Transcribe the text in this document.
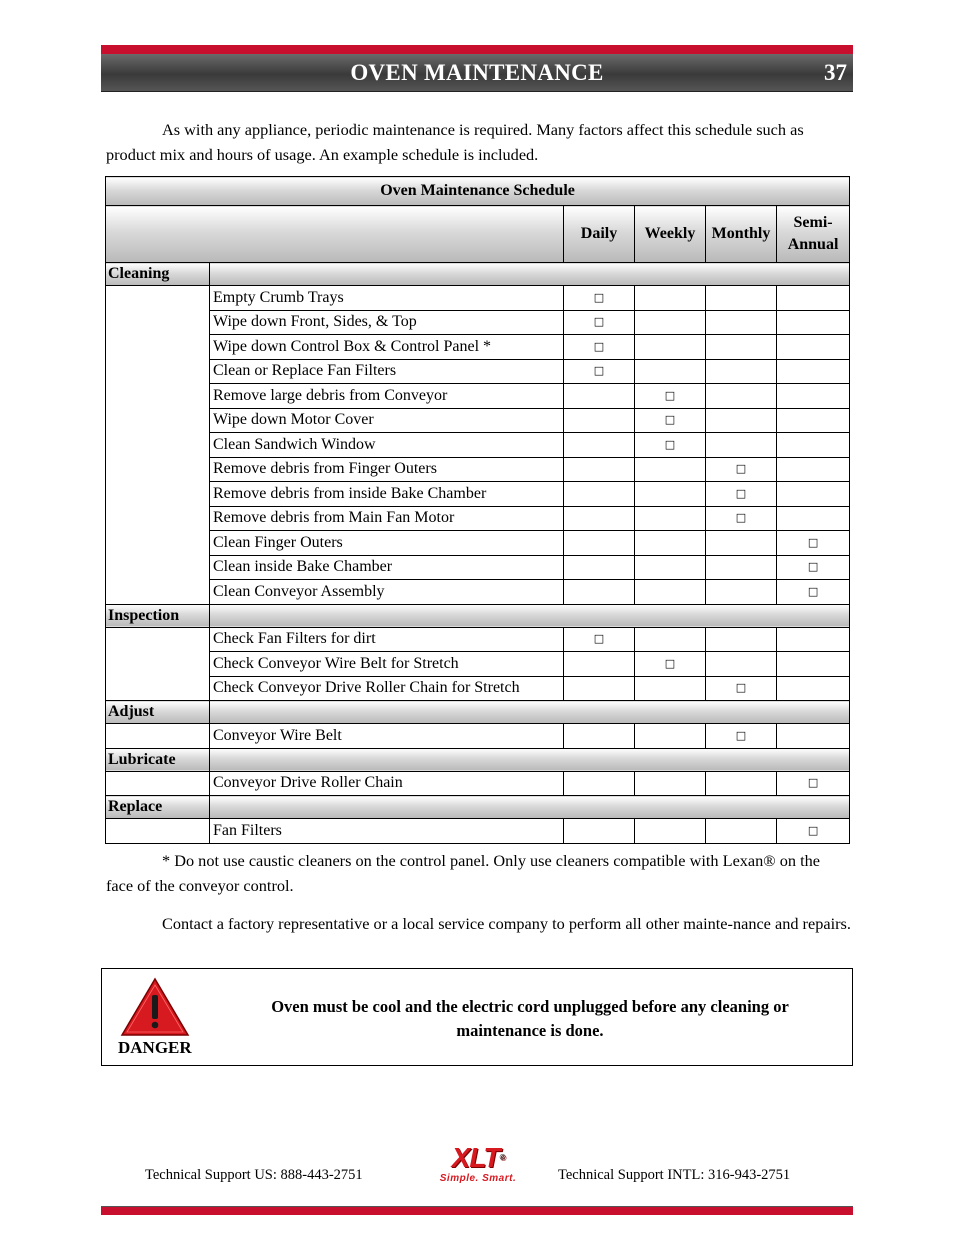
OVEN MAINTENANCE	37
As with any appliance, periodic maintenance is required. Many factors affect this schedule such as product mix and hours of usage. An example schedule is included.
Oven Maintenance Schedule					
		Daily	Weekly	Monthly	Semi-Annual
Cleaning					
	Empty Crumb Trays	□			
	Wipe down Front, Sides, & Top	□			
	Wipe down Control Box & Control Panel *	□			
	Clean or Replace Fan Filters	□			
	Remove large debris from Conveyor		□		
	Wipe down Motor Cover		□		
	Clean Sandwich Window		□		
	Remove debris from Finger Outers			□	
	Remove debris from inside Bake Chamber			□	
	Remove debris from Main Fan Motor			□	
	Clean Finger Outers				□
	Clean inside Bake Chamber				□
	Clean Conveyor Assembly				□
Inspection					
	Check Fan Filters for dirt	□			
	Check Conveyor Wire Belt for Stretch		□		
	Check Conveyor Drive Roller Chain for Stretch			□	
Adjust					
	Conveyor Wire Belt			□	
Lubricate					
	Conveyor Drive Roller Chain				□
Replace					
	Fan Filters				□
* Do not use caustic cleaners on the control panel. Only use cleaners compatible with Lexan® on the face of the conveyor control.
Contact a factory representative or a local service company to perform all other mainte-nance and repairs.
DANGER
Oven must be cool and the electric cord unplugged before any cleaning or maintenance is done.
Technical Support US: 888-443-2751
XLT®
Simple. Smart.	Technical Support INTL: 316-943-2751
